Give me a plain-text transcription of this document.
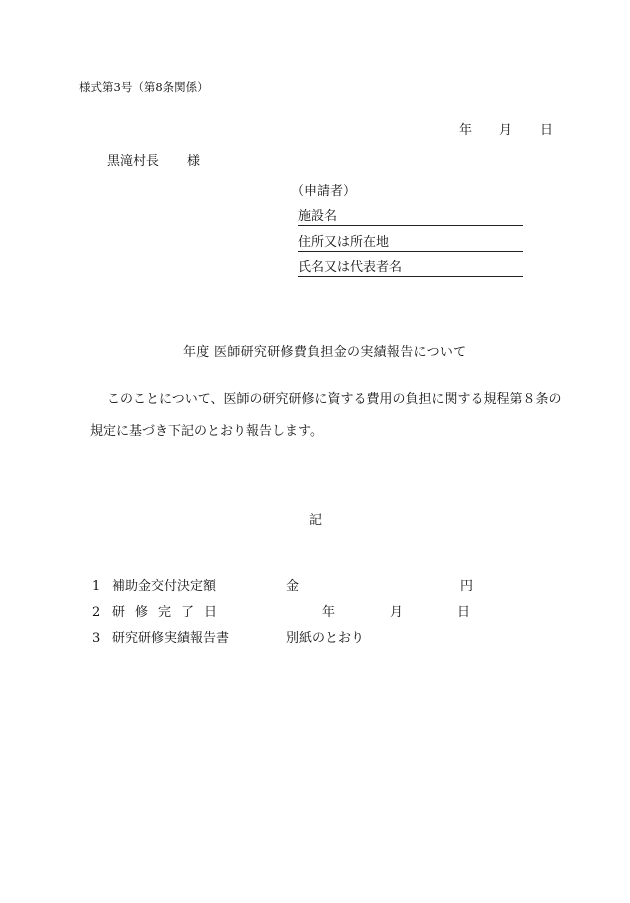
様式第3号（第8条関係）
年 月 日
黒滝村長 様
（申請者）
施設名
住所又は所在地
氏名又は代表者名
年度 医師研究研修費負担金の実績報告について
このことについて、医師の研究研修に資する費用の負担に関する規程第８条の
規定に基づき下記のとおり報告します。
記
1 補助金交付決定額	金	円
2 研修完了日	年	月	日
3 研究研修実績報告書	別紙のとおり
